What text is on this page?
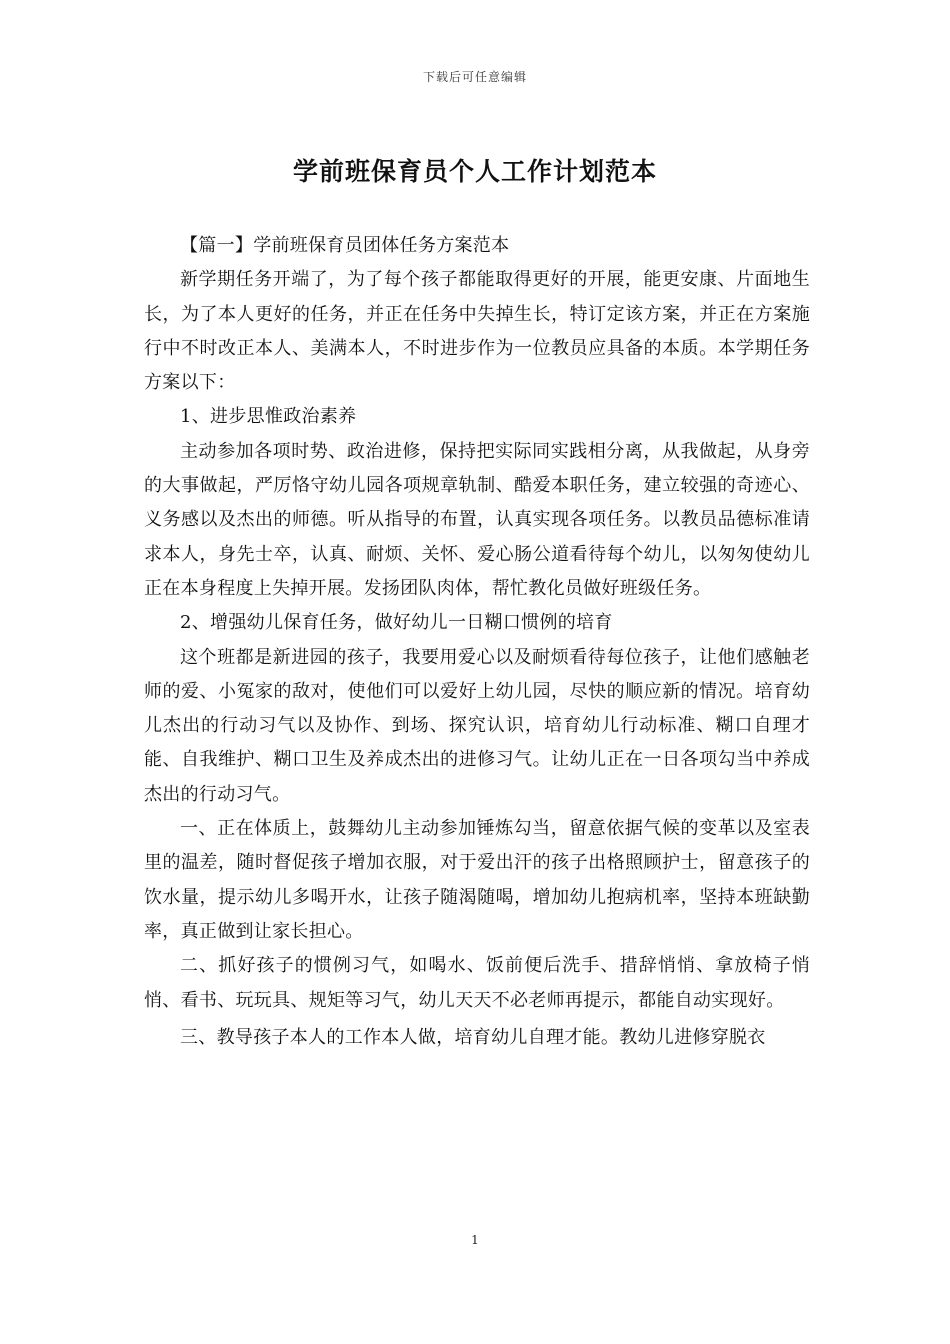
下载后可任意编辑
学前班保育员个人工作计划范本

【篇一】学前班保育员团体任务方案范本

新学期任务开端了，为了每个孩子都能取得更好的开展，能更安康、片面地生长，为了本人更好的任务，并正在任务中失掉生长，特订定该方案，并正在方案施行中不时改正本人、美满本人，不时进步作为一位教员应具备的本质。本学期任务方案以下：

1、进步思惟政治素养

主动参加各项时势、政治进修，保持把实际同实践相分离，从我做起，从身旁的大事做起，严厉恪守幼儿园各项规章轨制、酷爱本职任务，建立较强的奇迹心、义务感以及杰出的师德。听从指导的布置，认真实现各项任务。以教员品德标准请求本人，身先士卒，认真、耐烦、关怀、爱心肠公道看待每个幼儿，以匆匆使幼儿正在本身程度上失掉开展。发扬团队肉体，帮忙教化员做好班级任务。

2、增强幼儿保育任务，做好幼儿一日糊口惯例的培育

这个班都是新进园的孩子，我要用爱心以及耐烦看待每位孩子，让他们感触老师的爱、小冤家的敌对，使他们可以爱好上幼儿园，尽快的顺应新的情况。培育幼儿杰出的行动习气以及协作、到场、探究认识，培育幼儿行动标准、糊口自理才能、自我维护、糊口卫生及养成杰出的进修习气。让幼儿正在一日各项勾当中养成杰出的行动习气。

一、正在体质上，鼓舞幼儿主动参加锤炼勾当，留意依据气候的变革以及室表里的温差，随时督促孩子增加衣服，对于爱出汗的孩子出格照顾护士，留意孩子的饮水量，提示幼儿多喝开水，让孩子随渴随喝，增加幼儿抱病机率，坚持本班缺勤率，真正做到让家长担心。

二、抓好孩子的惯例习气，如喝水、饭前便后洗手、措辞悄悄、拿放椅子悄悄、看书、玩玩具、规矩等习气，幼儿天天不必老师再提示，都能自动实现好。

三、教导孩子本人的工作本人做，培育幼儿自理才能。教幼儿进修穿脱衣

1
